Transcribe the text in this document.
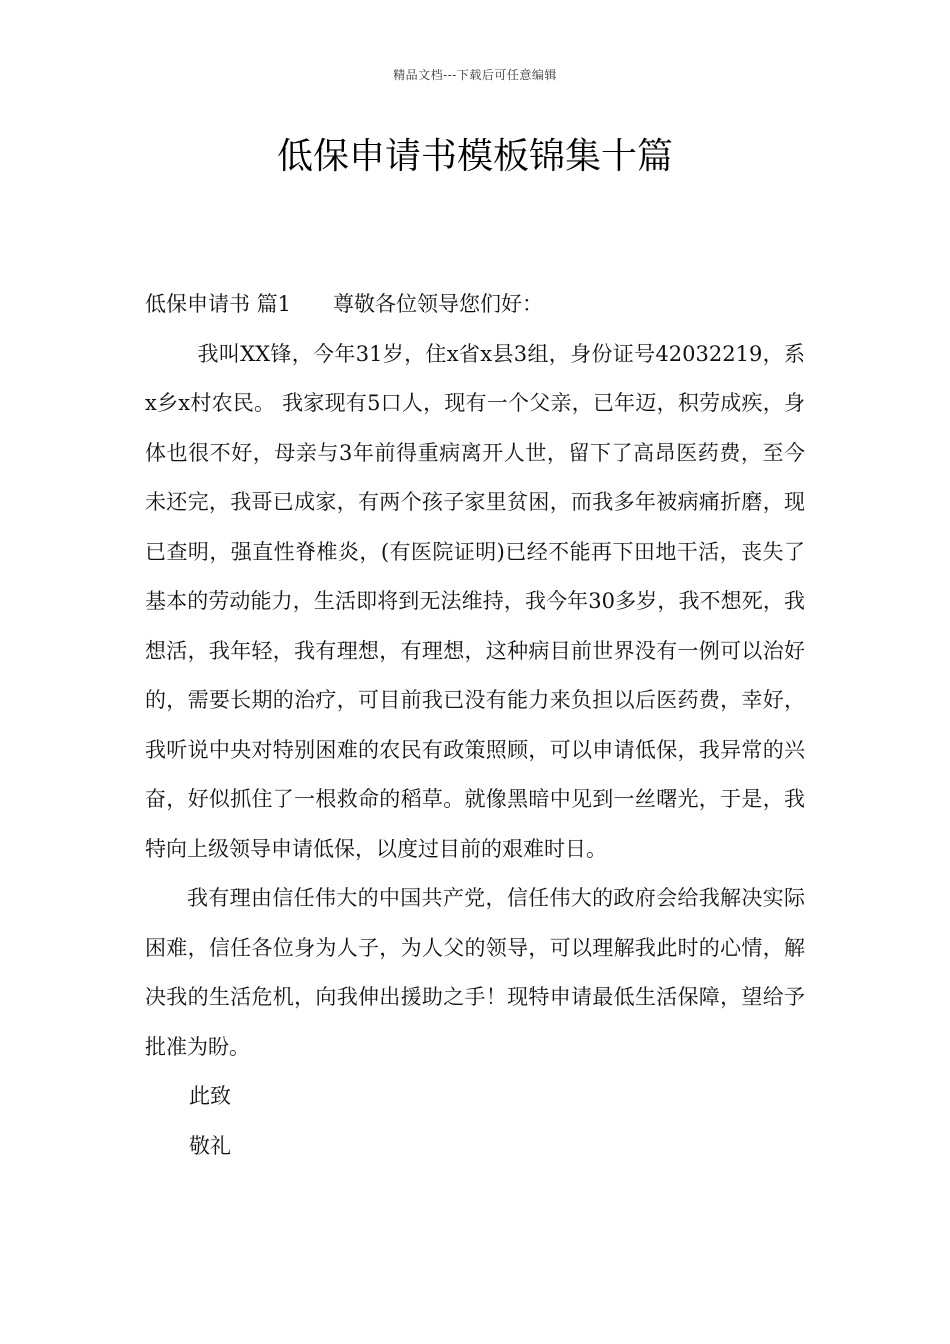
精品文档---下载后可任意编辑
低保申请书模板锦集十篇

低保申请书 篇1 尊敬各位领导您们好：

我叫XX锋，今年31岁，住x省x县3组，身份证号42032219，系x乡x村农民。 我家现有5口人，现有一个父亲，已年迈，积劳成疾，身体也很不好，母亲与3年前得重病离开人世，留下了高昂医药费，至今未还完，我哥已成家，有两个孩子家里贫困，而我多年被病痛折磨，现已查明，强直性脊椎炎，(有医院证明)已经不能再下田地干活，丧失了基本的劳动能力，生活即将到无法维持，我今年30多岁，我不想死，我想活，我年轻，我有理想，有理想，这种病目前世界没有一例可以治好的，需要长期的治疗，可目前我已没有能力来负担以后医药费，幸好，我听说中央对特别困难的农民有政策照顾，可以申请低保，我异常的兴奋，好似抓住了一根救命的稻草。就像黑暗中见到一丝曙光，于是，我特向上级领导申请低保，以度过目前的艰难时日。

我有理由信任伟大的中国共产党，信任伟大的政府会给我解决实际困难，信任各位身为人子，为人父的领导，可以理解我此时的心情，解决我的生活危机，向我伸出援助之手！现特申请最低生活保障，望给予批准为盼。

此致

敬礼
